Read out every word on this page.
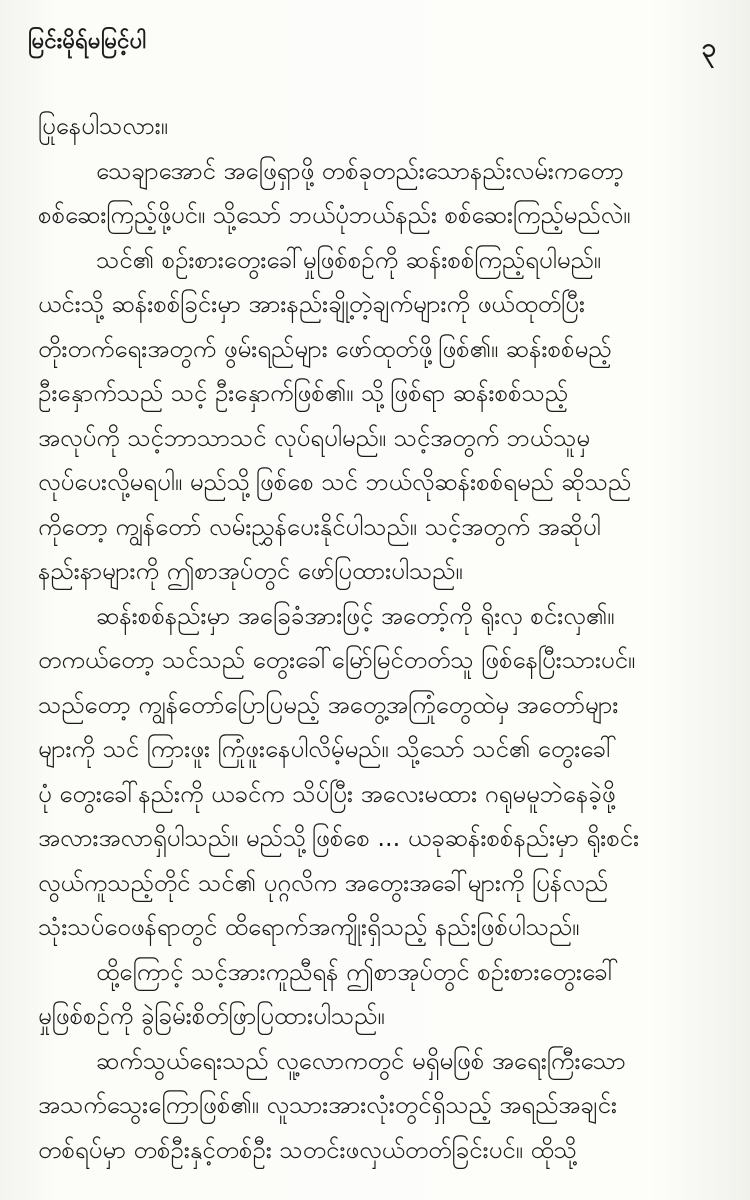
မြင်းမိုရ်မမြင့်ပါ	၃
ပြုနေပါသလား။
သေချာအောင် အဖြေရှာဖို့ တစ်ခုတည်းသောနည်းလမ်းကတော့
စစ်ဆေးကြည့်ဖို့ပင်။ သို့သော် ဘယ်ပုံဘယ်နည်း စစ်ဆေးကြည့်မည်လဲ။
သင်၏ စဉ်းစားတွေးခေါ်မှုဖြစ်စဉ်ကို ဆန်းစစ်ကြည့်ရပါမည်။
ယင်းသို့ ဆန်းစစ်ခြင်းမှာ အားနည်းချို့တဲ့ချက်များကို ဖယ်ထုတ်ပြီး
တိုးတက်ရေးအတွက် ဖွမ်းရည်များ ဖော်ထုတ်ဖို့ဖြစ်၏။ ဆန်းစစ်မည့်
ဦးနှောက်သည် သင့် ဦးနှောက်ဖြစ်၏။ သို့ဖြစ်ရာ ဆန်းစစ်သည့်
အလုပ်ကို သင့်ဘာသာသင် လုပ်ရပါမည်။ သင့်အတွက် ဘယ်သူမှ
လုပ်ပေးလို့မရပါ။ မည်သို့ဖြစ်စေ သင် ဘယ်လိုဆန်းစစ်ရမည် ဆိုသည်
ကိုတော့ ကျွန်တော် လမ်းညွှန်ပေးနိုင်ပါသည်။ သင့်အတွက် အဆိုပါ
နည်းနာများကို ဤစာအုပ်တွင် ဖော်ပြထားပါသည်။
ဆန်းစစ်နည်းမှာ အခြေခံအားဖြင့် အတော့်ကို ရိုးလှ စင်းလှ၏။
တကယ်တော့ သင်သည် တွေးခေါ်မြော်မြင်တတ်သူ ဖြစ်နေပြီးသားပင်။
သည်တော့ ကျွန်တော်ပြောပြမည့် အတွေ့အကြုံတွေထဲမှ အတော်များ
များကို သင် ကြားဖူး ကြုံဖူးနေပါလိမ့်မည်။ သို့သော် သင်၏ တွေးခေါ်
ပုံ တွေးခေါ်နည်းကို ယခင်က သိပ်ပြီး အလေးမထား ဂရုမမူဘဲနေခဲ့ဖို့
အလားအလာရှိပါသည်။ မည်သို့ဖြစ်စေ ... ယခုဆန်းစစ်နည်းမှာ ရိုးစင်း
လွယ်ကူသည့်တိုင် သင်၏ ပုဂ္ဂလိက အတွေးအခေါ်များကို ပြန်လည်
သုံးသပ်ဝေဖန်ရာတွင် ထိရောက်အကျိုးရှိသည့် နည်းဖြစ်ပါသည်။
ထို့ကြောင့် သင့်အားကူညီရန် ဤစာအုပ်တွင် စဉ်းစားတွေးခေါ်
မှုဖြစ်စဉ်ကို ခွဲခြမ်းစိတ်ဖြာပြထားပါသည်။
ဆက်သွယ်ရေးသည် လူ့လောကတွင် မရှိမဖြစ် အရေးကြီးသော
အသက်သွေးကြောဖြစ်၏။ လူသားအားလုံးတွင်ရှိသည့် အရည်အချင်း
တစ်ရပ်မှာ တစ်ဦးနှင့်တစ်ဦး သတင်းဖလှယ်တတ်ခြင်းပင်။ ထိုသို့
